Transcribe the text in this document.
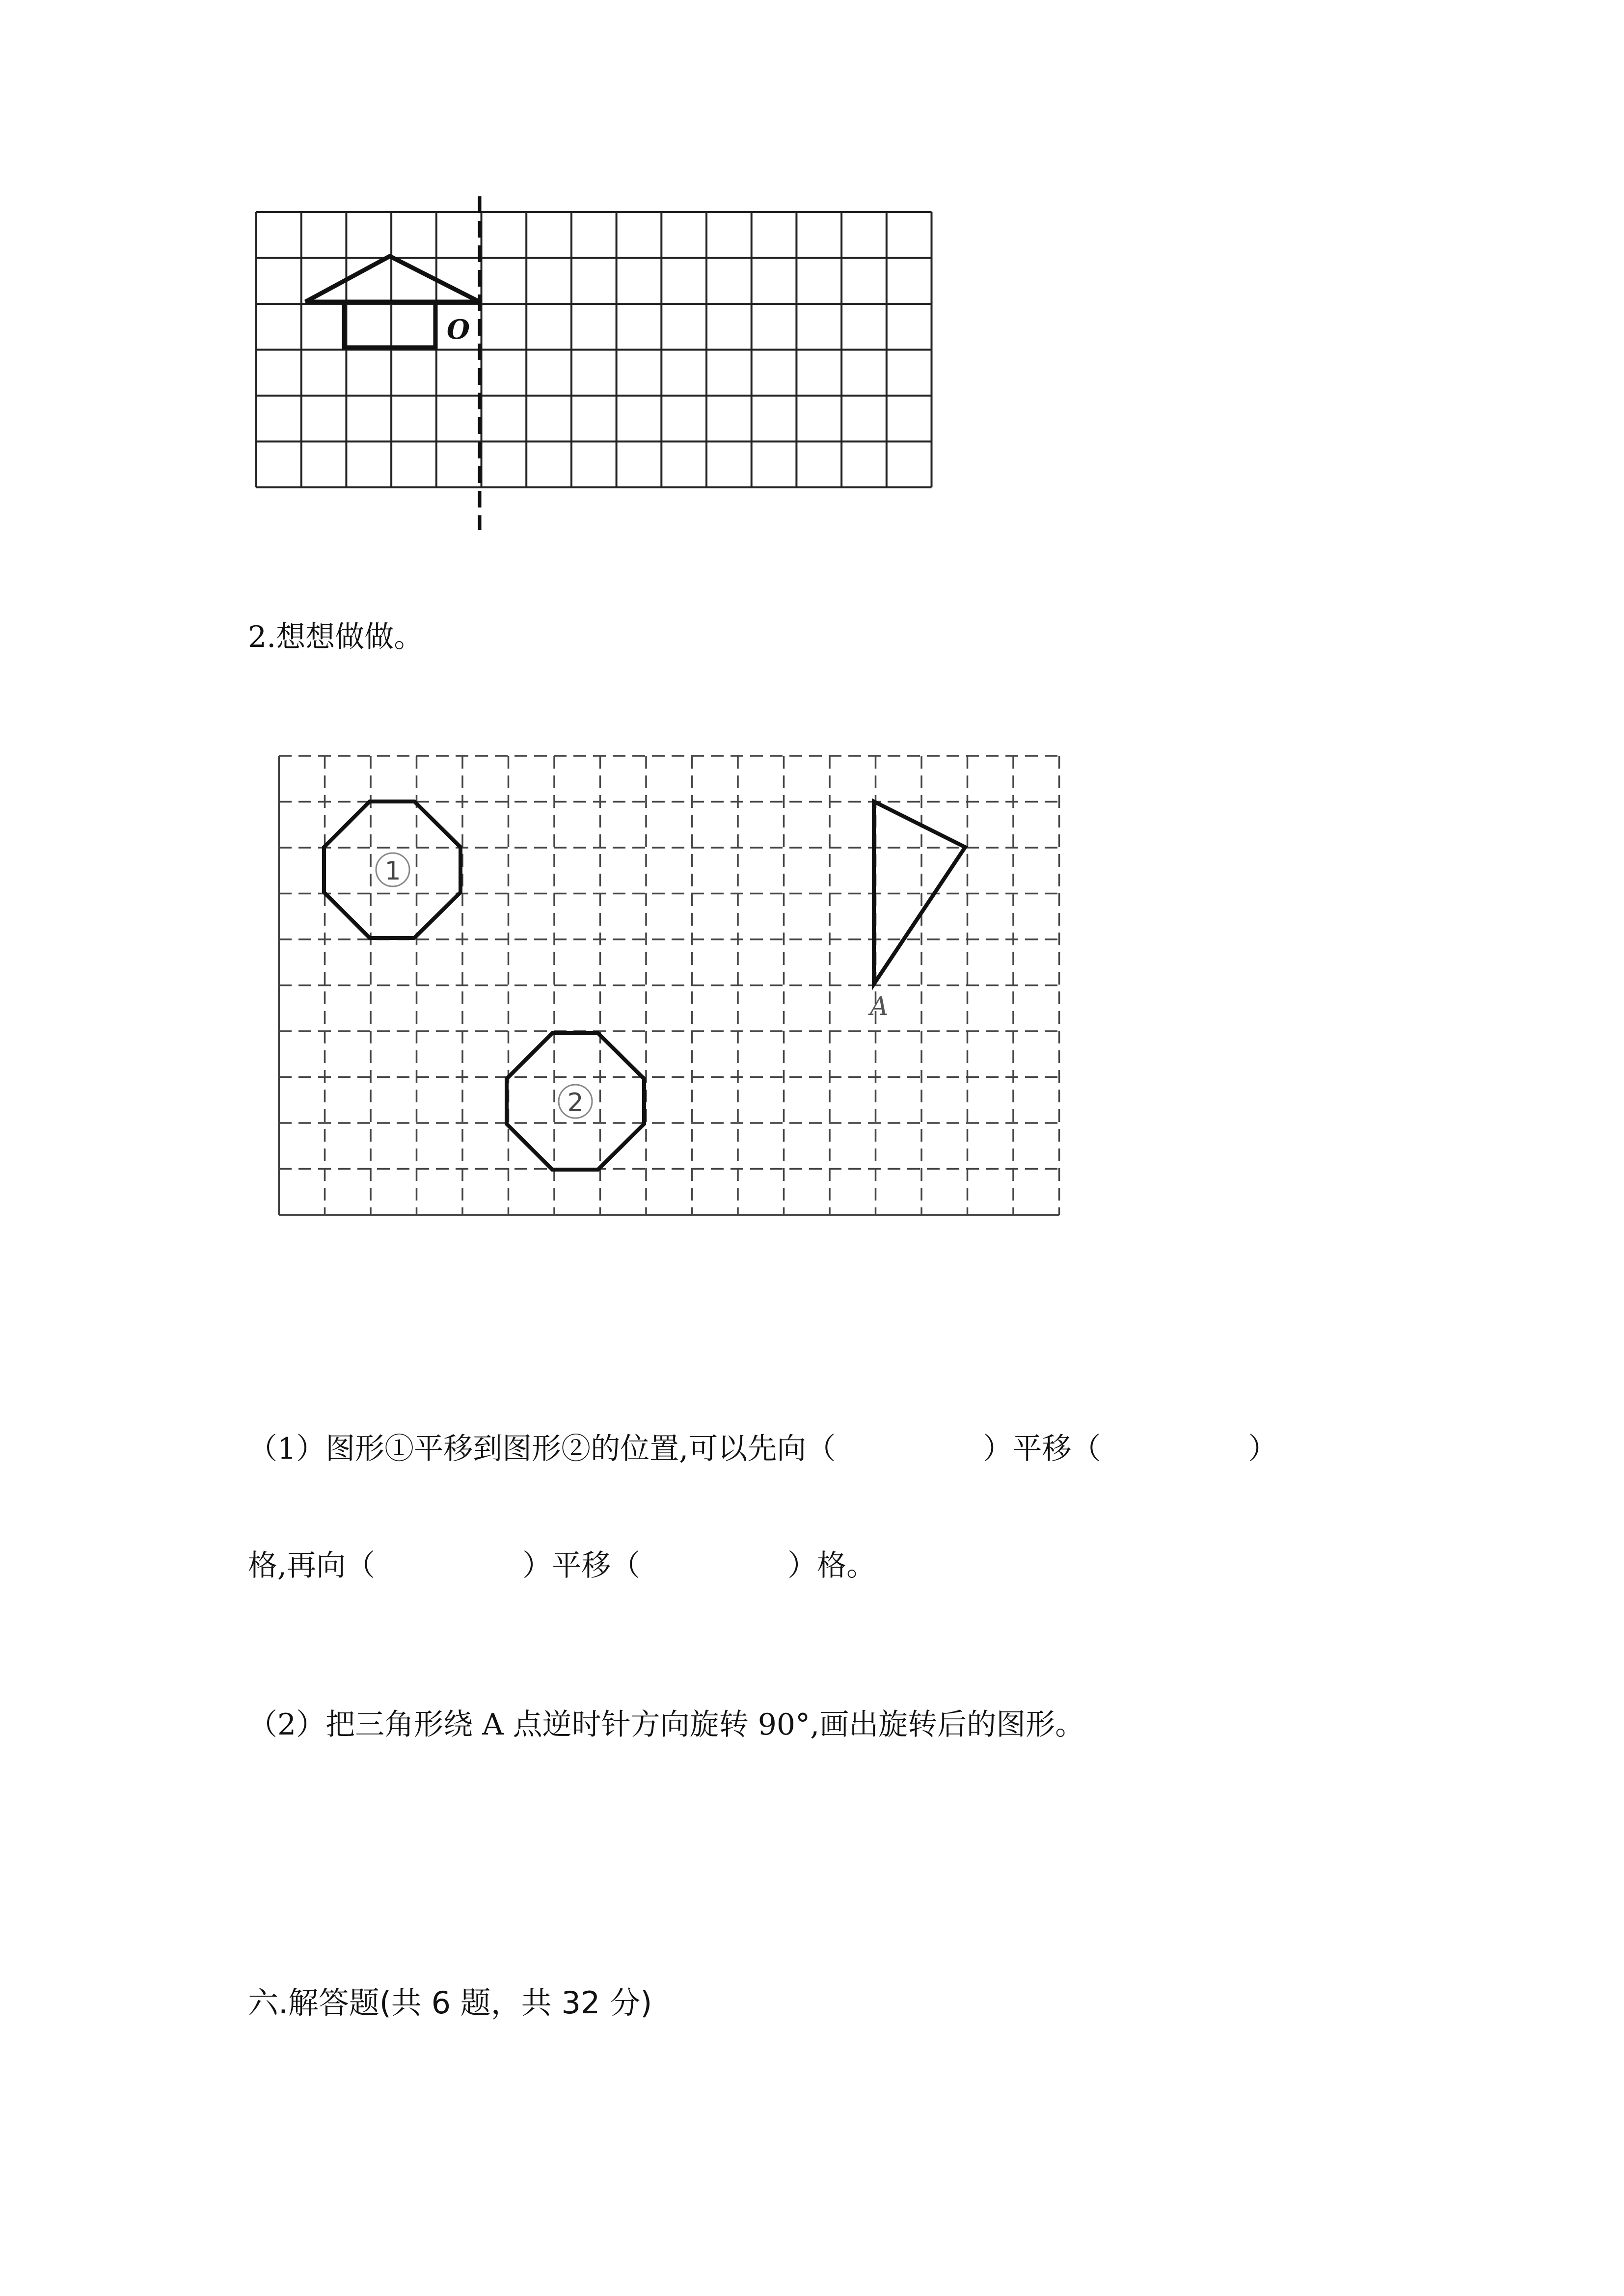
O
2.想想做做。
1
2
A
（1）图形①平移到图形②的位置,可以先向（	）平移（	）
格,再向（	）平移（	）格。
（2）把三角形绕 A 点逆时针方向旋转 90°,画出旋转后的图形。
六.解答题(共 6 题，共 32 分)
